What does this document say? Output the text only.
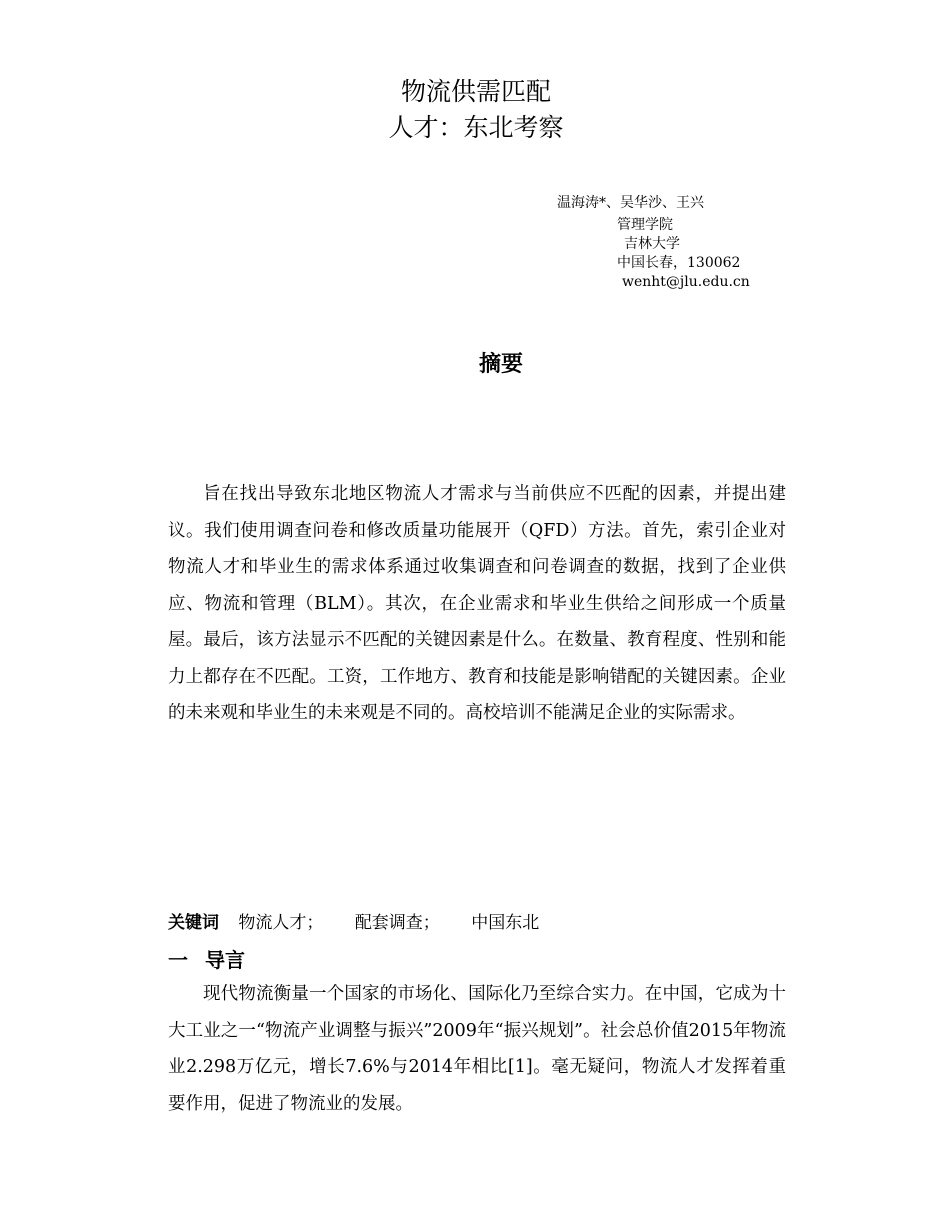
物流供需匹配
人才：东北考察
温海涛*、吴华沙、王兴
管理学院
吉林大学
中国长春，130062
wenht@jlu.edu.cn
摘要

旨在找出导致东北地区物流人才需求与当前供应不匹配的因素，并提出建议。我们使用调查问卷和修改质量功能展开（QFD）方法。首先，索引企业对物流人才和毕业生的需求体系通过收集调查和问卷调查的数据，找到了企业供应、物流和管理（BLM）。其次，在企业需求和毕业生供给之间形成一个质量屋。最后，该方法显示不匹配的关键因素是什么。在数量、教育程度、性别和能力上都存在不匹配。工资，工作地方、教育和技能是影响错配的关键因素。企业的未来观和毕业生的未来观是不同的。高校培训不能满足企业的实际需求。

关键词 物流人才； 配套调查； 中国东北
一 导言

现代物流衡量一个国家的市场化、国际化乃至综合实力。在中国，它成为十大工业之一“物流产业调整与振兴”2009年“振兴规划”。社会总价值2015年物流业2.298万亿元，增长7.6%与2014年相比[1]。毫无疑问，物流人才发挥着重要作用，促进了物流业的发展。
